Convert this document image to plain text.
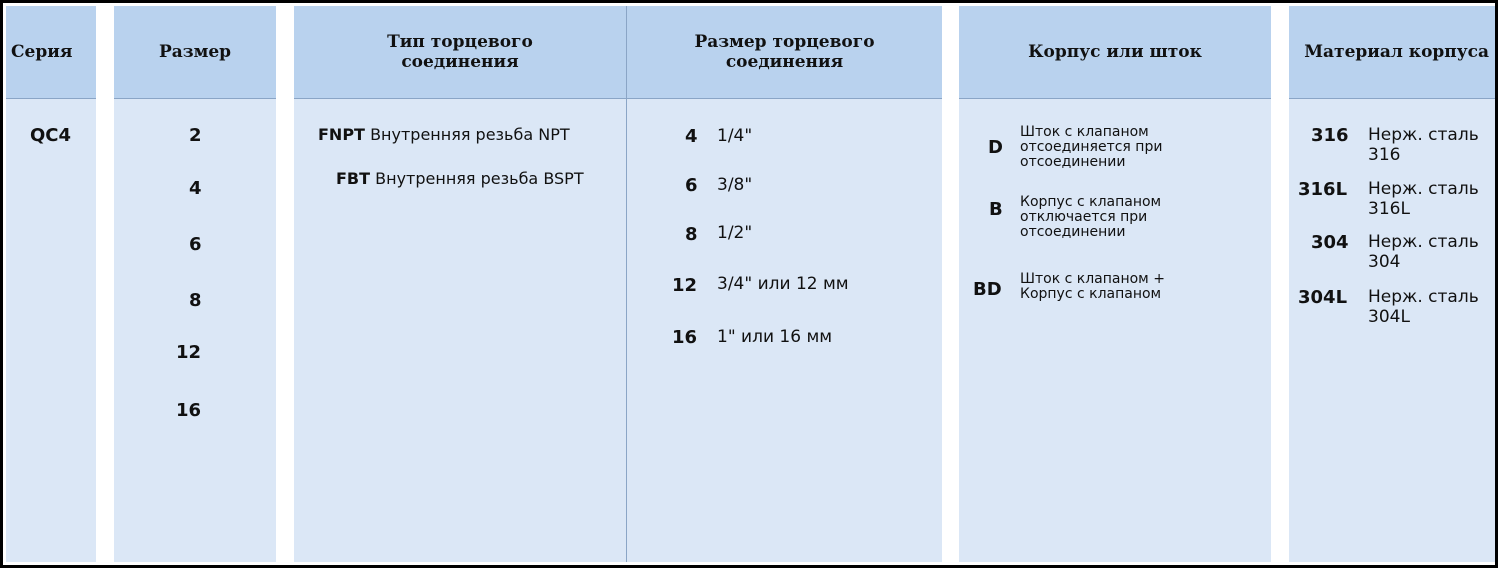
Серия
QC4
Размер
2
4
6
8
12
16
Тип торцевого
соединения
FNPT Внутренняя резьба NPT
FBT Внутренняя резьба BSPT
Размер торцевого
соединения
4 1/4"
6 3/8"
8 1/2"
12 3/4" или 12 мм
16 1" или 16 мм
Корпус или шток
D
Шток с клапаном
отсоединяется при
отсоединении
B Корпус с клапаном
отключается при
отсоединении
BD Шток с клапаном +
Корпус с клапаном
Материал корпуса
316 Нерж. сталь
316
316L Нерж. сталь
316L
304 Нерж. сталь
304
304L Нерж. сталь
304L
